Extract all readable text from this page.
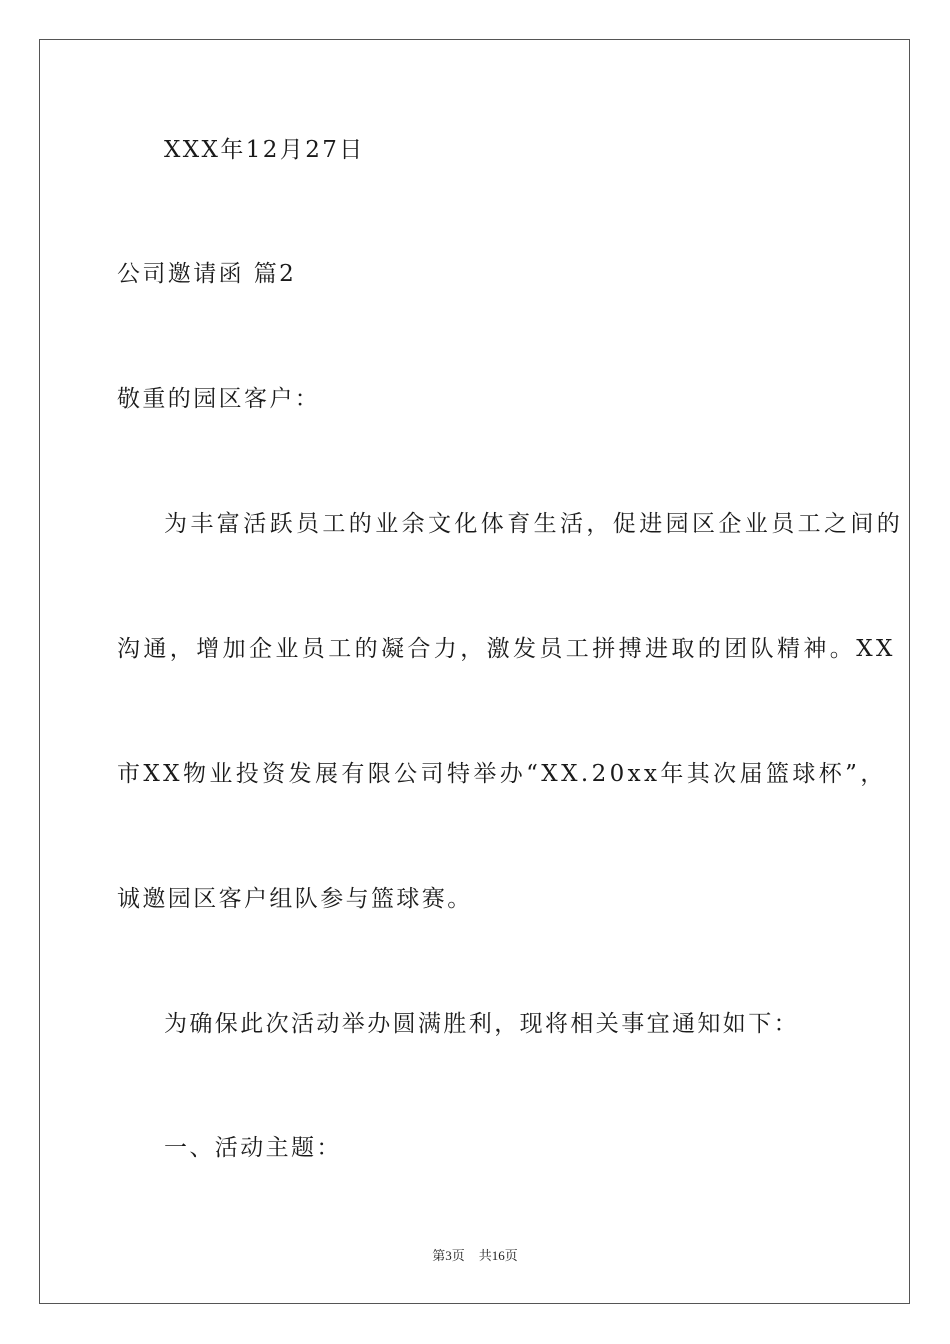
XXX年12月27日
公司邀请函 篇2
敬重的园区客户：
为丰富活跃员工的业余文化体育生活，促进园区企业员工之间的
沟通，增加企业员工的凝合力，激发员工拼搏进取的团队精神。XX
市XX物业投资发展有限公司特举办“XX.20xx年其次届篮球杯”，
诚邀园区客户组队参与篮球赛。
为确保此次活动举办圆满胜利，现将相关事宜通知如下：
一、活动主题：
第3页 共16页
